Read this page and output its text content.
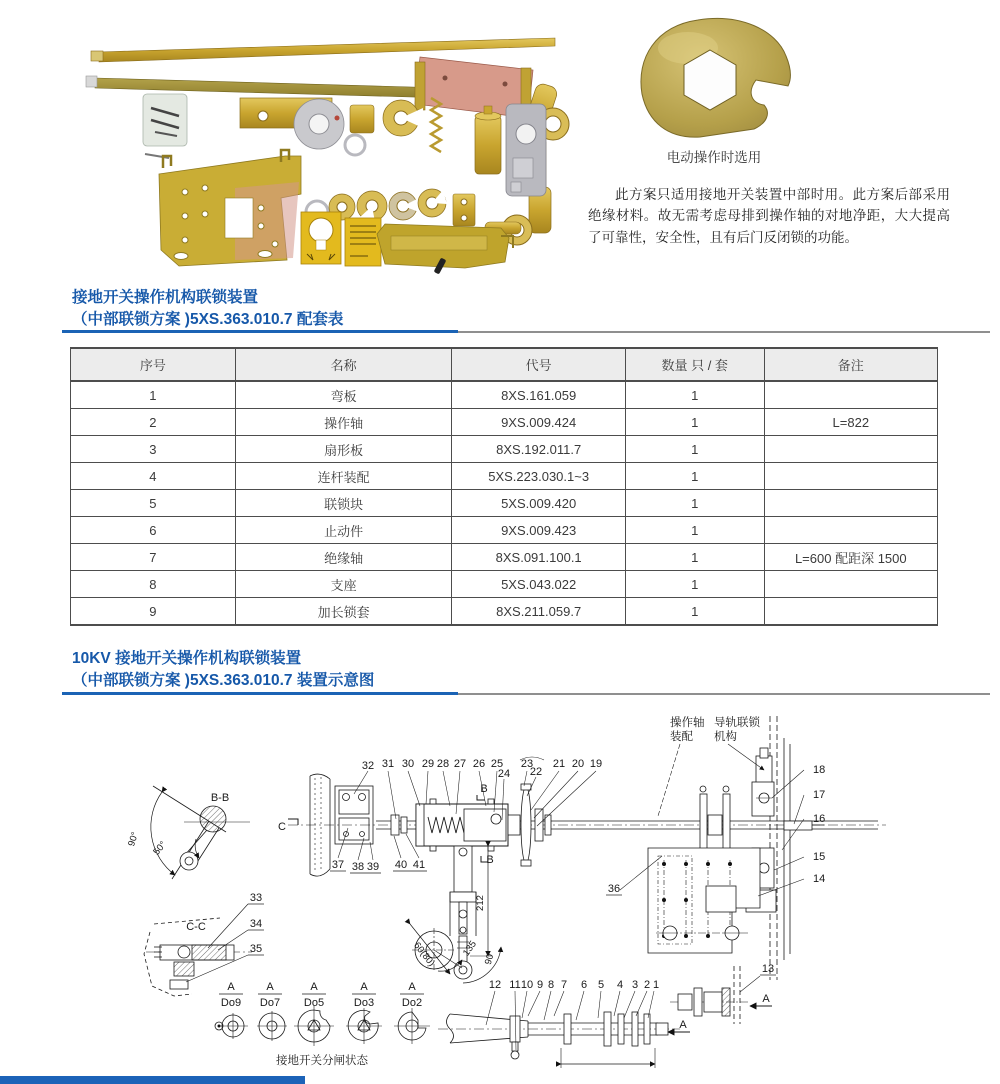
电动操作时选用

此方案只适用接地开关装置中部时用。此方案后部采用绝缘材料。故无需考虑母排到操作轴的对地净距，大大提高了可靠性，安全性，且有后门反闭锁的功能。

接地开关操作机构联锁装置
（中部联锁方案 )5XS.363.010.7 配套表
序号	名称	代号	数量 只 / 套	备注
1	弯板	8XS.161.059	1	
2	操作轴	9XS.009.424	1	L=822
3	扇形板	8XS.192.011.7	1	
4	连杆装配	5XS.223.030.1~3	1	
5	联锁块	5XS.009.420	1	
6	止动件	9XS.009.423	1	
7	绝缘轴	8XS.091.100.1	1	L=600 配距深 1500
8	支座	5XS.043.022	1	
9	加长锁套	8XS.211.059.7	1	
10KV 接地开关操作机构联锁装置
（中部联锁方案 )5XS.363.010.7 装置示意图
90°
50°
B-B
C-C
33
34
35
A
Do9
A
Do7
A
Do5
A
Do3
A
Do2
接地开关分闸状态
C
B
B
212
90
135
60(80)
32 31 30 29 28 27 26 25
24
23
22
21 20 19
37 38 39 40 41
操作轴
装配
导轨联锁
机构
36
18
17
16
15
14
A
12 11 10 9 8 7 6 5 4 3 2 1
13
A
